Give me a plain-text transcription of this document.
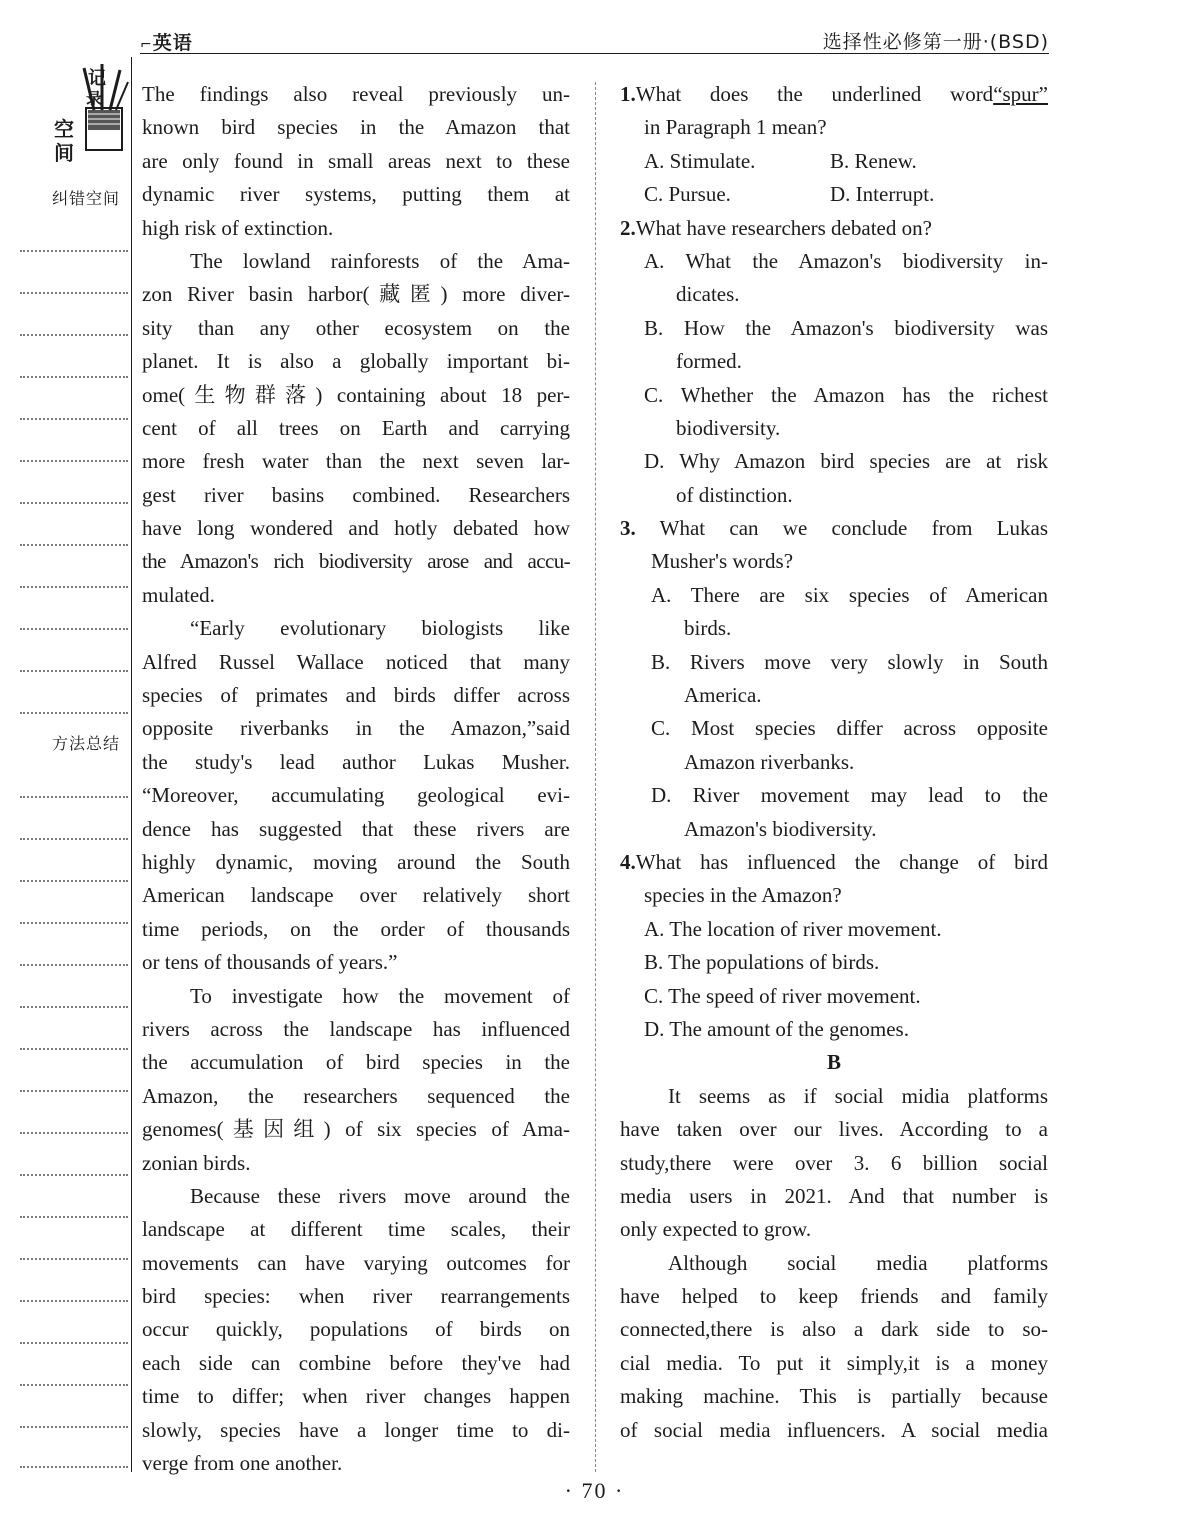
⌐英语	选择性必修第一册·(BSD)
记
录
空
间
纠错空间
方法总结
The findings also reveal previously un-
known bird species in the Amazon that
are only found in small areas next to these
dynamic river systems, putting them at
high risk of extinction.
The lowland rainforests of the Ama-
zon River basin harbor(藏匿) more diver-
sity than any other ecosystem on the
planet. It is also a globally important bi-
ome(生物群落) containing about 18 per-
cent of all trees on Earth and carrying
more fresh water than the next seven lar-
gest river basins combined. Researchers
have long wondered and hotly debated how
the Amazon's rich biodiversity arose and accu-
mulated.
“Early evolutionary biologists like
Alfred Russel Wallace noticed that many
species of primates and birds differ across
opposite riverbanks in the Amazon,”said
the study's lead author Lukas Musher.
“Moreover, accumulating geological evi-
dence has suggested that these rivers are
highly dynamic, moving around the South
American landscape over relatively short
time periods, on the order of thousands
or tens of thousands of years.”
To investigate how the movement of
rivers across the landscape has influenced
the accumulation of bird species in the
Amazon, the researchers sequenced the
genomes(基因组) of six species of Ama-
zonian birds.
Because these rivers move around the
landscape at different time scales, their
movements can have varying outcomes for
bird species: when river rearrangements
occur quickly, populations of birds on
each side can combine before they've had
time to differ; when river changes happen
slowly, species have a longer time to di-
verge from one another.
1.What does the underlined word“spur”
in Paragraph 1 mean?
A. Stimulate.	B. Renew.
C. Pursue.	D. Interrupt.
2.What have researchers debated on?
A. What the Amazon's biodiversity in-
dicates.
B. How the Amazon's biodiversity was
formed.
C. Whether the Amazon has the richest
biodiversity.
D. Why Amazon bird species are at risk
of distinction.
3. What can we conclude from Lukas
Musher's words?
A. There are six species of American
birds.
B. Rivers move very slowly in South
America.
C. Most species differ across opposite
Amazon riverbanks.
D. River movement may lead to the
Amazon's biodiversity.
4.What has influenced the change of bird
species in the Amazon?
A. The location of river movement.
B. The populations of birds.
C. The speed of river movement.
D. The amount of the genomes.
B
It seems as if social midia platforms
have taken over our lives. According to a
study,there were over 3. 6 billion social
media users in 2021. And that number is
only expected to grow.
Although social media platforms
have helped to keep friends and family
connected,there is also a dark side to so-
cial media. To put it simply,it is a money
making machine. This is partially because
of social media influencers. A social media
· 70 ·
